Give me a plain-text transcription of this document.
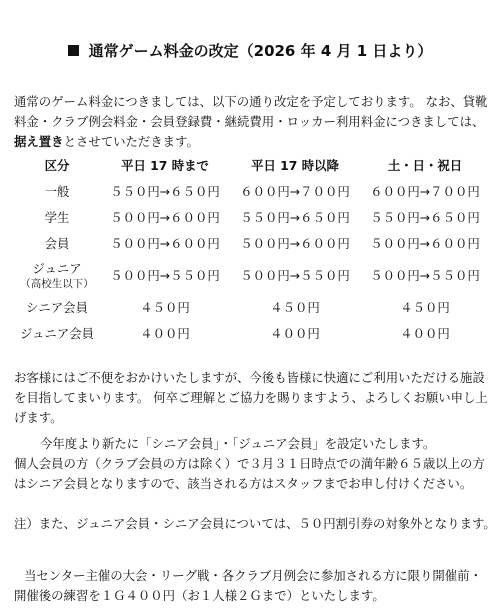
通常ゲーム料金の改定（2026 年 4 月 1 日より）

通常のゲーム料金につきましては、以下の通り改定を予定しております。 なお、貸靴料金・クラブ例会料金・会員登録費・継続費用・ロッカー利用料金につきましては、据え置きとさせていただきます。

区分	平日 17 時まで	平日 17 時以降	土・日・祝日
一般	５５０円→６５０円	６００円→７００円	６００円→７００円
学生	５００円→６００円	５５０円→６５０円	５５０円→６５０円
会員	５００円→６００円	５００円→６００円	５００円→６００円
ジュニア
（高校生以下）	５００円→５５０円	５００円→５５０円	５００円→５５０円
シニア会員	４５０円	４５０円	４５０円
ジュニア会員	４００円	４００円	４００円

お客様にはご不便をおかけいたしますが、今後も皆様に快適にご利用いただける施設を目指してまいります。 何卒ご理解とご協力を賜りますよう、よろしくお願い申し上げます。

今年度より新たに「シニア会員」・「ジュニア会員」を設定いたします。

個人会員の方（クラブ会員の方は除く）で３月３１日時点での満年齢６５歳以上の方はシニア会員となりますので、該当される方はスタッフまでお申し付けください。

注）また、ジュニア会員・シニア会員については、５０円割引券の対象外となります。

当センター主催の大会・リーグ戦・各クラブ月例会に参加される方に限り開催前・開催後の練習を１Ｇ４００円（お１人様２Ｇまで）といたします。
